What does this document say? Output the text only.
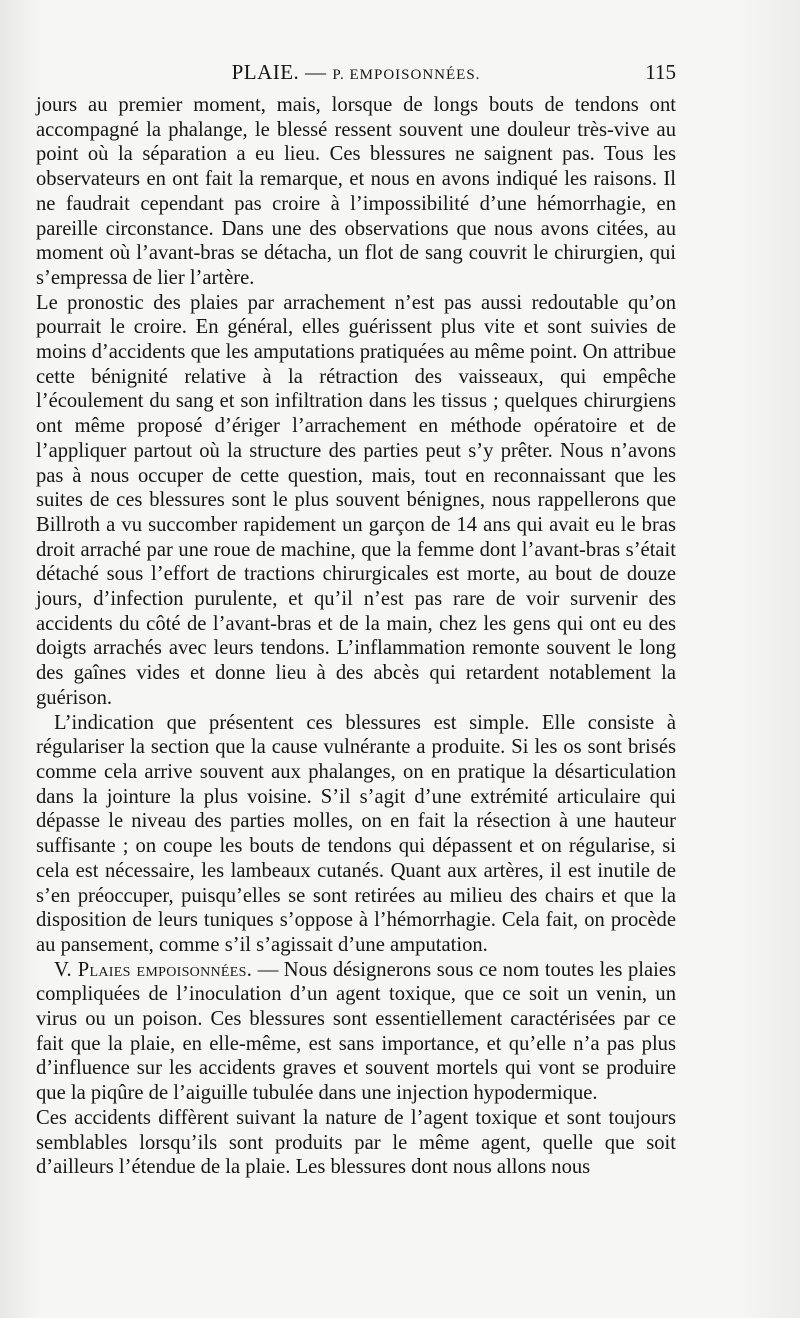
PLAIE. — P. EMPOISONNÉES.	115

jours au premier moment, mais, lorsque de longs bouts de tendons ont accompagné la phalange, le blessé ressent souvent une douleur très-vive au point où la séparation a eu lieu. Ces blessures ne saignent pas. Tous les observateurs en ont fait la remarque, et nous en avons indiqué les raisons. Il ne faudrait cependant pas croire à l’impossibilité d’une hémorrhagie, en pareille circonstance. Dans une des observations que nous avons citées, au moment où l’avant-bras se détacha, un flot de sang couvrit le chirurgien, qui s’empressa de lier l’artère.

Le pronostic des plaies par arrachement n’est pas aussi redoutable qu’on pourrait le croire. En général, elles guérissent plus vite et sont suivies de moins d’accidents que les amputations pratiquées au même point. On attribue cette bénignité relative à la rétraction des vaisseaux, qui empêche l’écoulement du sang et son infiltration dans les tissus ; quelques chirurgiens ont même proposé d’ériger l’arrachement en méthode opératoire et de l’appliquer partout où la structure des parties peut s’y prêter. Nous n’avons pas à nous occuper de cette question, mais, tout en reconnaissant que les suites de ces blessures sont le plus souvent bénignes, nous rappellerons que Billroth a vu succomber rapidement un garçon de 14 ans qui avait eu le bras droit arraché par une roue de machine, que la femme dont l’avant-bras s’était détaché sous l’effort de tractions chirurgicales est morte, au bout de douze jours, d’infection purulente, et qu’il n’est pas rare de voir survenir des accidents du côté de l’avant-bras et de la main, chez les gens qui ont eu des doigts arrachés avec leurs tendons. L’inflammation remonte souvent le long des gaînes vides et donne lieu à des abcès qui retardent notablement la guérison.

L’indication que présentent ces blessures est simple. Elle consiste à régulariser la section que la cause vulnérante a produite. Si les os sont brisés comme cela arrive souvent aux phalanges, on en pratique la désarticulation dans la jointure la plus voisine. S’il s’agit d’une extrémité articulaire qui dépasse le niveau des parties molles, on en fait la résection à une hauteur suffisante ; on coupe les bouts de tendons qui dépassent et on régularise, si cela est nécessaire, les lambeaux cutanés. Quant aux artères, il est inutile de s’en préoccuper, puisqu’elles se sont retirées au milieu des chairs et que la disposition de leurs tuniques s’oppose à l’hémorrhagie. Cela fait, on procède au pansement, comme s’il s’agissait d’une amputation.

V. Plaies empoisonnées. — Nous désignerons sous ce nom toutes les plaies compliquées de l’inoculation d’un agent toxique, que ce soit un venin, un virus ou un poison. Ces blessures sont essentiellement caractérisées par ce fait que la plaie, en elle-même, est sans importance, et qu’elle n’a pas plus d’influence sur les accidents graves et souvent mortels qui vont se produire que la piqûre de l’aiguille tubulée dans une injection hypodermique.

Ces accidents diffèrent suivant la nature de l’agent toxique et sont toujours semblables lorsqu’ils sont produits par le même agent, quelle que soit d’ailleurs l’étendue de la plaie. Les blessures dont nous allons nous
